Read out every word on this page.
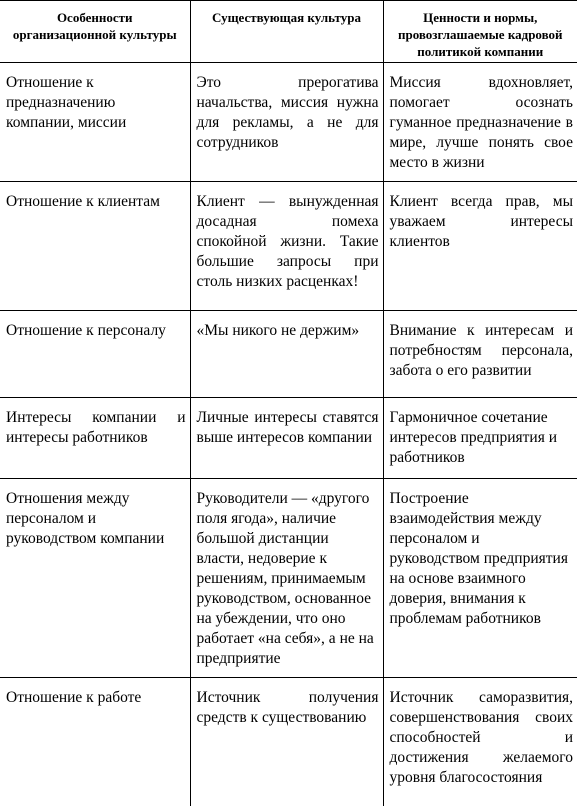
Особенности организационной культуры	Существующая культура	Ценности и нормы, провозглашаемые кадровой политикой компании
Отношение к предназначению компании, миссии	Это прерогатива начальства, миссия нужна для рекламы, а не для сотрудников	Миссия вдохновляет, помогает осознать гуманное предназначение в мире, лучше понять свое место в жизни
Отношение к клиентам	Клиент — вынужденная досадная помеха спокойной жизни. Такие большие запросы при столь низких расценках!	Клиент всегда прав, мы уважаем интересы клиентов
Отношение к персоналу	«Мы никого не держим»	Внимание к интересам и потребностям персонала, забота о его развитии
Интересы компании и интересы работников	Личные интересы ставятся выше интересов компании	Гармоничное сочетание интересов предприятия и работников
Отношения между персоналом и руководством компании	Руководители — «другого поля ягода», наличие большой дистанции власти, недоверие к решениям, принимаемым руководством, основанное на убеждении, что оно работает «на себя», а не на предприятие	Построение взаимодействия между персоналом и руководством предприятия на основе взаимного доверия, внимания к проблемам работников
Отношение к работе	Источник получения средств к существованию	Источник саморазвития, совершенствования своих способностей и достижения желаемого уровня благосостояния
